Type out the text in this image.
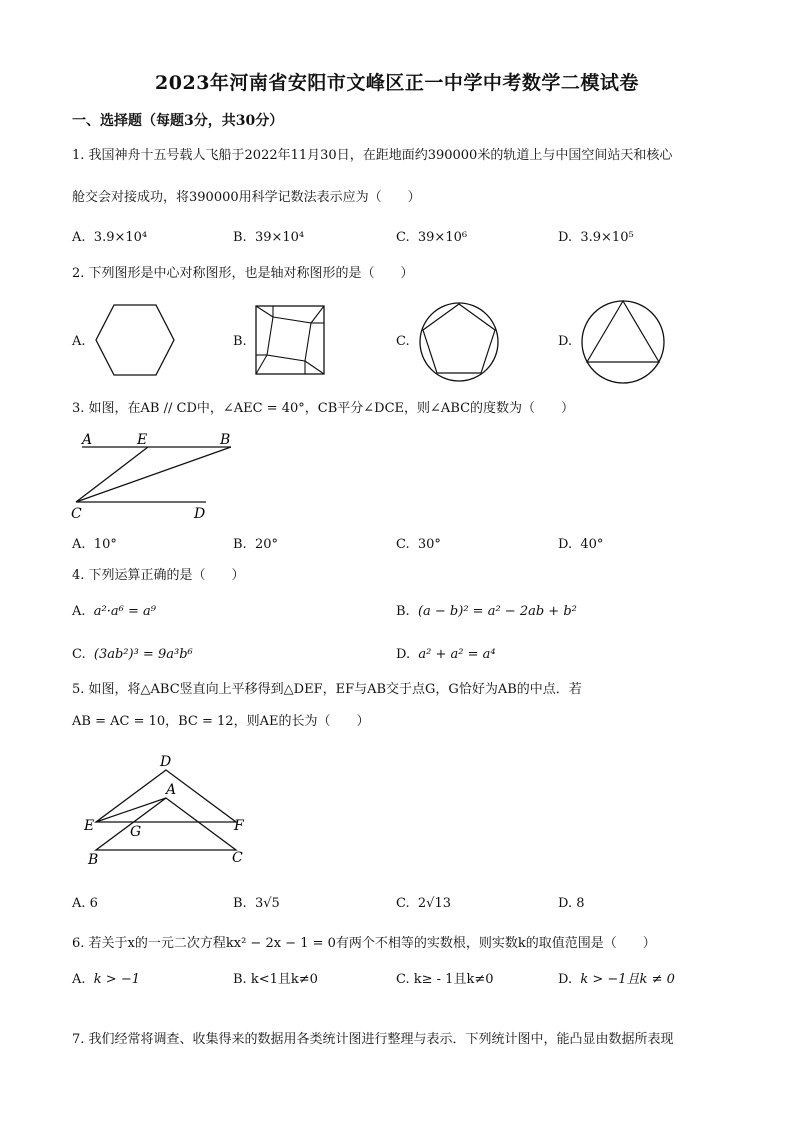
2023年河南省安阳市文峰区正一中学中考数学二模试卷
一、选择题（每题3分，共30分）
1. 我国神舟十五号载人飞船于2022年11月30日，在距地面约390000米的轨道上与中国空间站天和核心
舱交会对接成功，将390000用科学记数法表示应为（　　）
A. 3.9×10⁴	B. 39×10⁴	C. 39×10⁶	D. 3.9×10⁵
2. 下列图形是中心对称图形，也是轴对称图形的是（　　）
A.	B.	C.	D.
3. 如图，在AB // CD中，∠AEC = 40°，CB平分∠DCE，则∠ABC的度数为（　　）
A	E	B
C	D
A. 10°	B. 20°	C. 30°	D. 40°
4. 下列运算正确的是（　　）
A. a²·a⁶ = a⁹	B. (a − b)² = a² − 2ab + b²
C. (3ab²)³ = 9a³b⁶	D. a² + a² = a⁴
5. 如图，将△ABC竖直向上平移得到△DEF，EF与AB交于点G，G恰好为AB的中点．若
AB = AC = 10，BC = 12，则AE的长为（　　）
D
A
E	G	F
B	C
A. 6	B. 3√5	C. 2√13	D. 8
6. 若关于x的一元二次方程kx² − 2x − 1 = 0有两个不相等的实数根，则实数k的取值范围是（　　）
A. k > −1	B. k<1且k≠0	C. k≥ - 1且k≠0	D. k > −1且k ≠ 0
7. 我们经常将调查、收集得来的数据用各类统计图进行整理与表示．下列统计图中，能凸显由数据所表现
